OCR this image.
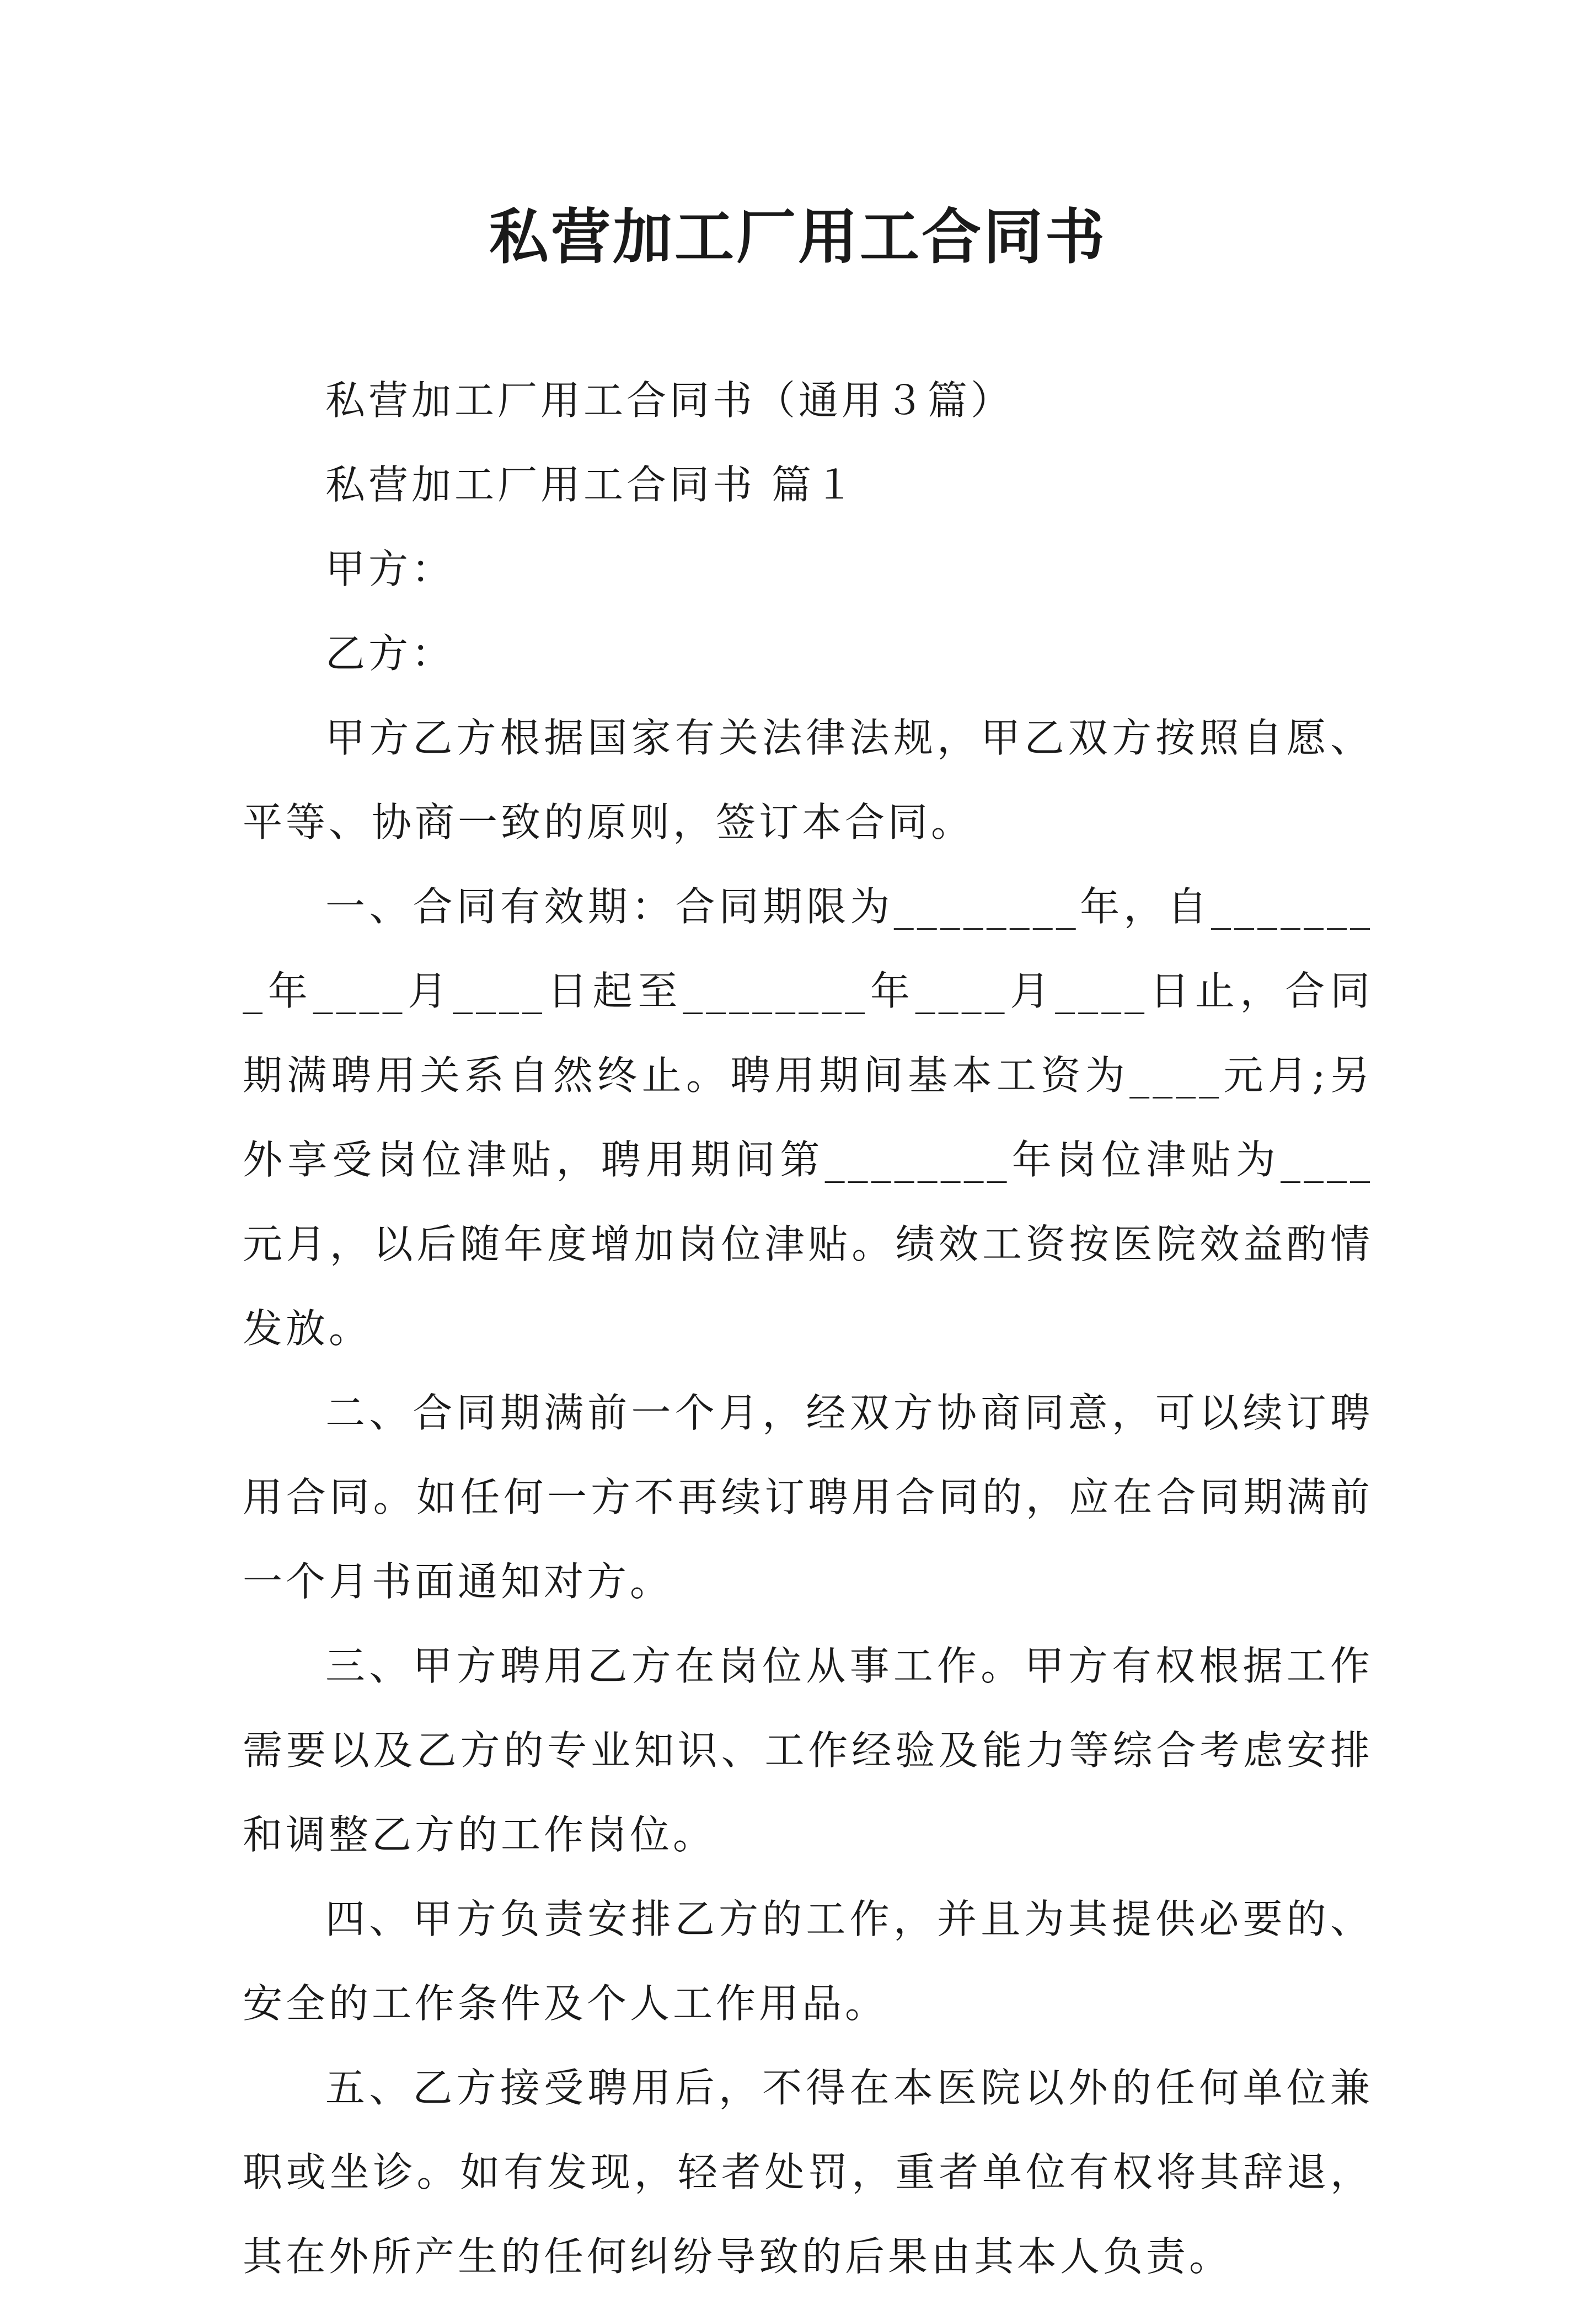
私营加工厂用工合同书

私营加工厂用工合同书（通用３篇）

私营加工厂用工合同书 篇１

甲方：

乙方：

甲方乙方根据国家有关法律法规，甲乙双方按照自愿、平等、协商一致的原则，签订本合同。

一、合同有效期：合同期限为________年，自________年____月____日起至________年____月____日止，合同期满聘用关系自然终止。聘用期间基本工资为____元月;另外享受岗位津贴，聘用期间第________年岗位津贴为____元月，以后随年度增加岗位津贴。绩效工资按医院效益酌情发放。

二、合同期满前一个月，经双方协商同意，可以续订聘用合同。如任何一方不再续订聘用合同的，应在合同期满前一个月书面通知对方。

三、甲方聘用乙方在岗位从事工作。甲方有权根据工作需要以及乙方的专业知识、工作经验及能力等综合考虑安排和调整乙方的工作岗位。

四、甲方负责安排乙方的工作，并且为其提供必要的、安全的工作条件及个人工作用品。

五、乙方接受聘用后，不得在本医院以外的任何单位兼职或坐诊。如有发现，轻者处罚，重者单位有权将其辞退，其在外所产生的任何纠纷导致的后果由其本人负责。
